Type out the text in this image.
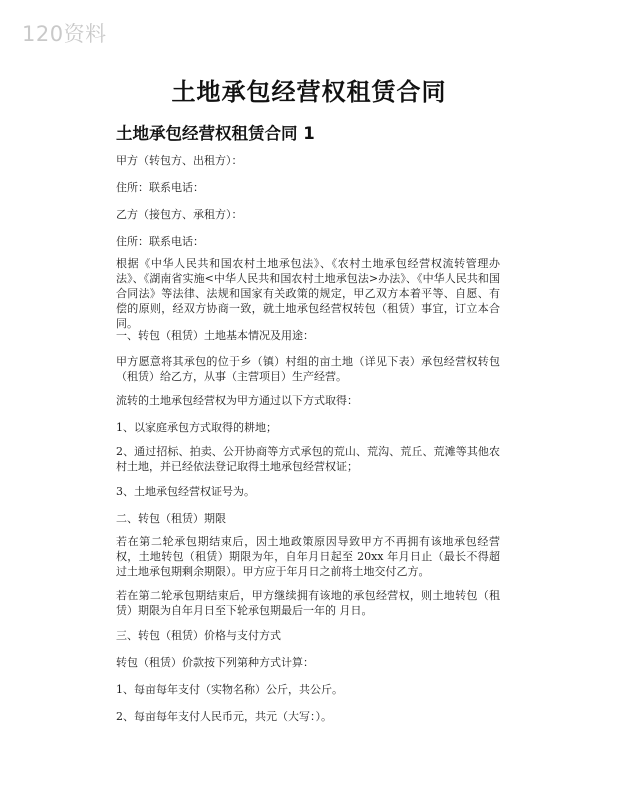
120资料
土地承包经营权租赁合同
土地承包经营权租赁合同 1

甲方（转包方、出租方）：

住所：联系电话：

乙方（接包方、承租方）：

住所：联系电话：

根据《中华人民共和国农村土地承包法》、《农村土地承包经营权流转管理办法》、《湖南省实施<中华人民共和国农村土地承包法>办法》、《中华人民共和国合同法》等法律、法规和国家有关政策的规定，甲乙双方本着平等、自愿、有偿的原则，经双方协商一致，就土地承包经营权转包（租赁）事宜，订立本合同。

一、转包（租赁）土地基本情况及用途：

甲方愿意将其承包的位于乡（镇）村组的亩土地（详见下表）承包经营权转包（租赁）给乙方，从事（主营项目）生产经营。

流转的土地承包经营权为甲方通过以下方式取得：

1、以家庭承包方式取得的耕地；

2、通过招标、拍卖、公开协商等方式承包的荒山、荒沟、荒丘、荒滩等其他农村土地，并已经依法登记取得土地承包经营权证；

3、土地承包经营权证号为。

二、转包（租赁）期限

若在第二轮承包期结束后，因土地政策原因导致甲方不再拥有该地承包经营权，土地转包（租赁）期限为年，自年月日起至 20xx 年月日止（最长不得超过土地承包期剩余期限）。甲方应于年月日之前将土地交付乙方。

若在第二轮承包期结束后，甲方继续拥有该地的承包经营权，则土地转包（租赁）期限为自年月日至下轮承包期最后一年的 月日。

三、转包（租赁）价格与支付方式

转包（租赁）价款按下列第种方式计算：

1、每亩每年支付（实物名称）公斤，共公斤。

2、每亩每年支付人民币元，共元（大写：）。
